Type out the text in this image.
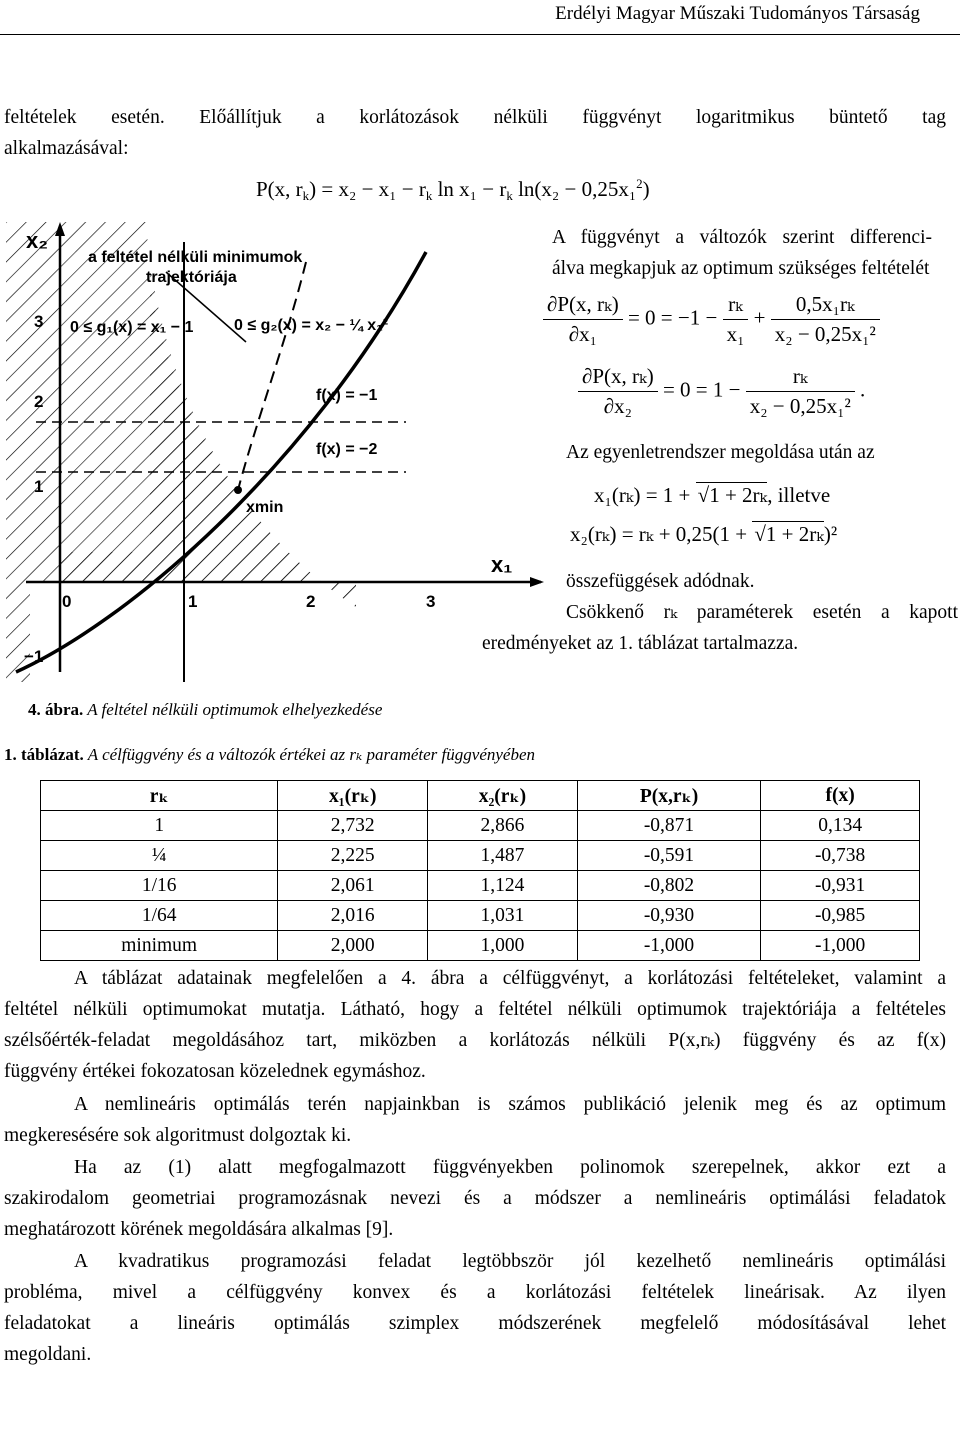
Erdélyi Magyar Műszaki Tudományos Társaság
feltételek esetén. Előállítjuk a korlátozások nélküli függvényt logaritmikus büntető tag
alkalmazásával:
P(x, $r_k) = x_2 - x_1 - r_k$ $\ln x_1 - r_k$ ln(x₂ − 0,25x₁$^2$)
x₂
x₁
a feltétel nélküli minimumok
trajektóriája
0 ≤ g₁(x) = x₁ − 1	0 ≤ g₂(x) = x₂ − ¼ x₁²
f(x) = −1
f(x) = −2
xmin
3
2
1
−1
0	1	2	3
A függvényt a változók szerint differenci-
álva megkapjuk az optimum szükséges feltételét
$\frac{\text{∂P(x, rₖ)}}{\text{∂x₁}} = 0 = -1 - \frac{\text{rₖ}}{\text{x₁}} + \frac{\text{0,5x₁rₖ}}{\text{x₂ − 0,25x₁²}}$
$\frac{\text{∂P(x, rₖ)}}{\text{∂x₂}} = 0 = 1 - \frac{\text{rₖ}}{\text{x₂ − 0,25x₁²}}$ .
Az egyenletrendszer megoldása után az
x₁(rₖ) = 1 + √1 + 2rₖ, illetve
x₂(rₖ) = rₖ + 0,25(1 + √1 + 2rₖ)²
összefüggések adódnak.
Csökkenő rₖ paraméterek esetén a kapott
eredményeket az 1. táblázat tartalmazza.
4. ábra. A feltétel nélküli optimumok elhelyezkedése
1. táblázat. A célfüggvény és a változók értékei az rₖ paraméter függvényében
rₖ	x₁(rₖ)	x₂(rₖ)	P(x,rₖ)	f(x)
1	2,732	2,866	-0,871	0,134
¼	2,225	1,487	-0,591	-0,738
1/16	2,061	1,124	-0,802	-0,931
1/64	2,016	1,031	-0,930	-0,985
minimum	2,000	1,000	-1,000	-1,000
A táblázat adatainak megfelelően a 4. ábra a célfüggvényt, a korlátozási feltételeket, valamint a
feltétel nélküli optimumokat mutatja. Látható, hogy a feltétel nélküli optimumok trajektóriája a feltételes
szélsőérték-feladat megoldásához tart, miközben a korlátozás nélküli P(x,rₖ) függvény és az f(x)
függvény értékei fokozatosan közelednek egymáshoz.
A nemlineáris optimálás terén napjainkban is számos publikáció jelenik meg és az optimum
megkeresésére sok algoritmust dolgoztak ki.
Ha az (1) alatt megfogalmazott függvényekben polinomok szerepelnek, akkor ezt a
szakirodalom geometriai programozásnak nevezi és a módszer a nemlineáris optimálási feladatok
meghatározott körének megoldására alkalmas [9].
A kvadratikus programozási feladat legtöbbször jól kezelhető nemlineáris optimálási
probléma, mivel a célfüggvény konvex és a korlátozási feltételek lineárisak. Az ilyen
feladatokat a lineáris optimálás szimplex módszerének megfelelő módosításával lehet
megoldani.
